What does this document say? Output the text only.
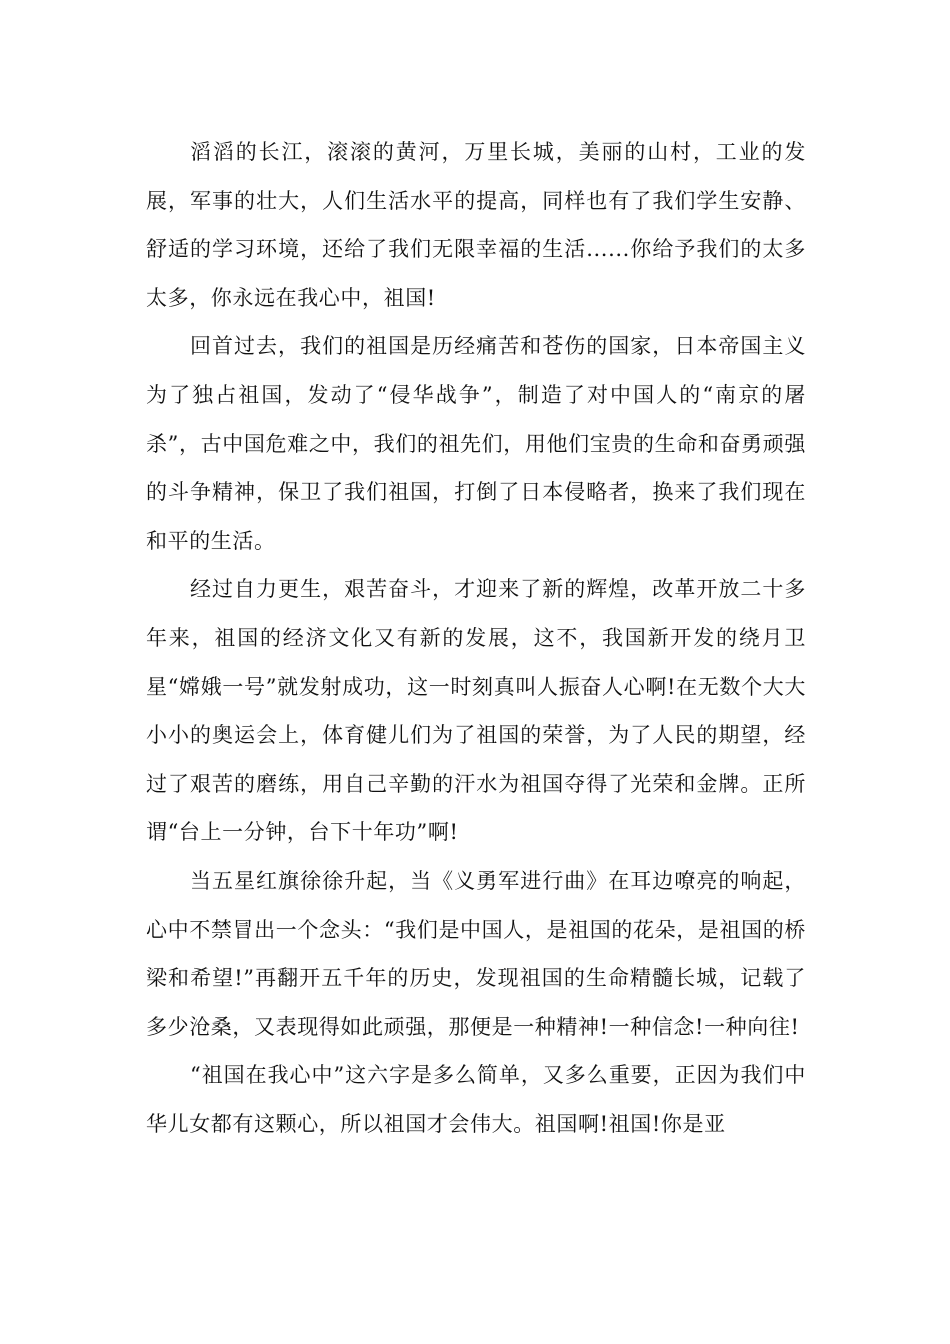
滔滔的长江，滚滚的黄河，万里长城，美丽的山村，工业的发展，军事的壮大，人们生活水平的提高，同样也有了我们学生安静、舒适的学习环境，还给了我们无限幸福的生活......你给予我们的太多太多，你永远在我心中，祖国!

回首过去，我们的祖国是历经痛苦和苍伤的国家，日本帝国主义为了独占祖国，发动了“侵华战争”，制造了对中国人的“南京的屠杀”，古中国危难之中，我们的祖先们，用他们宝贵的生命和奋勇顽强的斗争精神，保卫了我们祖国，打倒了日本侵略者，换来了我们现在和平的生活。

经过自力更生，艰苦奋斗，才迎来了新的辉煌，改革开放二十多年来，祖国的经济文化又有新的发展，这不，我国新开发的绕月卫星“嫦娥一号”就发射成功，这一时刻真叫人振奋人心啊!在无数个大大小小的奥运会上，体育健儿们为了祖国的荣誉，为了人民的期望，经过了艰苦的磨练，用自己辛勤的汗水为祖国夺得了光荣和金牌。正所谓“台上一分钟，台下十年功”啊!

当五星红旗徐徐升起，当《义勇军进行曲》在耳边嘹亮的响起，心中不禁冒出一个念头：“我们是中国人，是祖国的花朵，是祖国的桥梁和希望!”再翻开五千年的历史，发现祖国的生命精髓长城，记载了多少沧桑，又表现得如此顽强，那便是一种精神!一种信念!一种向往!

“祖国在我心中”这六字是多么简单，又多么重要，正因为我们中华儿女都有这颗心，所以祖国才会伟大。祖国啊!祖国!你是亚
